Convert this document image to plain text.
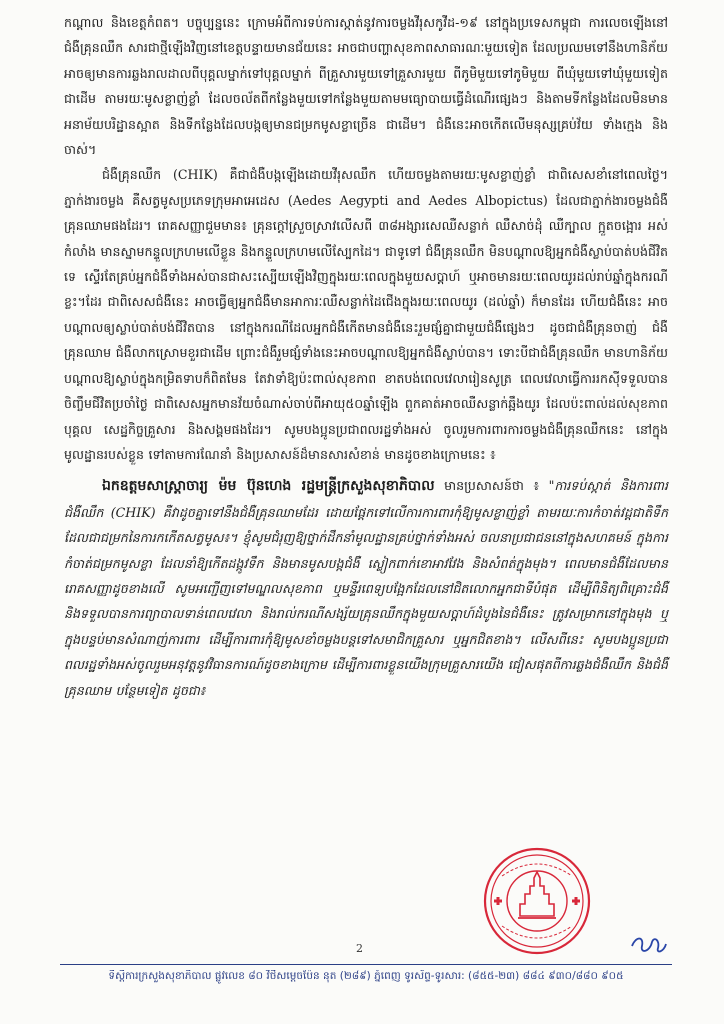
កណ្តាល និងខេត្តកំពត។ បច្ចុប្បន្ននេះ ក្រោមអំពីការទប់ការស្កាត់នូវការចម្លងវីរុសកូវីដ-១៩ នៅក្នុងប្រទេសកម្ពុជា ការលេចឡើងនៅជំងឺគ្រុនឈឹក សារជាថ្មីឡើងវិញនៅខេត្តបន្ទាយមានជ័យនេះ អាចជាបញ្ហាសុខភាពសាធារណៈមួយទៀត ដែលប្រឈមទៅនឹងហានិភ័យអាចឲ្យមានការឆ្លងរាលដាលពីបុគ្គលម្នាក់ទៅបុគ្គលម្នាក់ ពីគ្រួសារមួយទៅគ្រួសារមួយ ពីភូមិមួយទៅភូមិមួយ ពីឃុំមួយទៅឃុំមួយទៀតជាដើម តាមរយៈមូសខ្លាញ់ខ្លាំ ដែលចល័តពីកន្លែងមួយទៅកន្លែងមួយតាមមធ្យោបាយធ្វើដំណើរផ្សេងៗ និងតាមទីកន្លែងដែលមិនមានអនាម័យបរិដ្ឋានស្អាត និងទីកន្លែងដែលបង្កឲ្យមានជម្រកមូសខ្លាច្រើន ជាដើម។ ជំងឺនេះអាចកើតលើមនុស្សគ្រប់វ័យ ទាំងក្មេង និងចាស់។

ជំងឺគ្រុនឈឹក (CHIK) គឺជាជំងឺបង្កឡើងដោយវីរុសឈឹក ហើយចម្លងតាមរយៈមូសខ្លាញ់ខ្លាំ ជាពិសេសខាំនៅពេលថ្ងៃ។ ភ្នាក់ងារចម្លង គឺសត្វមូសប្រភេទក្រុមអាអេដេស (Aedes Aegypti and Aedes Albopictus) ដែលជាភ្នាក់ងារចម្លងជំងឺគ្រុនឈាមផងដែរ។ រោគសញ្ញាជួមមាន៖ គ្រុនក្តៅស្រួចស្រាវលើសពី ៣៨អង្សារសេឈឺសន្លាក់ ឈឺសាច់ដុំ ឈឺក្បាល ក្អួតចង្អោរ អស់កំលាំង មានស្នាមកន្ទួលក្រហមលើខ្លួន និងកន្ទួលក្រហមលើស្បែកដៃ។ ជាទូទៅ ជំងឺគ្រុនឈឹក មិនបណ្តាលឱ្យអ្នកជំងឺស្លាប់បាត់បង់ជីវិតទេ ស្ទើរតែគ្រប់អ្នកជំងឺទាំងអស់បានជាសះស្បើយឡើងវិញក្នុងរយៈពេលក្នុងមួយសប្តាហ៍ ឬអាចមានរយៈពេលយូរដល់រាប់ឆ្នាំក្នុងករណីខ្លះ។ដែរ ជាពិសេសជំងឺនេះ អាចធ្វើឲ្យអ្នកជំងឺមានអាការៈឈឺសន្លាក់ដៃជើងក្នុងរយៈពេលយូរ (ដល់ឆ្នាំ) ក៏មានដែរ ហើយជំងឺនេះ អាចបណ្តាលឲ្យស្លាប់បាត់បង់ជីវិតបាន នៅក្នុងករណីដែលអ្នកជំងឺកើតមានជំងឺនេះរួមផ្សំគ្នាជាមួយជំងឺផ្សេងៗ ដូចជាជំងឺគ្រុនចាញ់ ជំងឺគ្រុនឈាម ជំងឺលាកស្រោមខួរជាដើម ព្រោះជំងឺរួមផ្សំទាំងនេះអាចបណ្តាលឱ្យអ្នកជំងឺស្លាប់បាន។ ទោះបីជាជំងឺគ្រុនឈឹក មានហានិភ័យបណ្តាលឱ្យស្លាប់ក្នុងកម្រិតទាបក៏ពិតមែន តែវាទាំឱ្យប៉ះពាល់សុខភាព ខាតបង់ពេលវេលារៀនសូត្រ ពេលវេលាធ្វើការរកស៊ីទទួលបានចិញ្ចឹមជីវិតប្រចាំថ្ងៃ ជាពិសេសអ្នកមានវ័យចំណាស់ចាប់ពីអាយុ៥០ឆ្នាំឡើង ពួកគាត់អាចឈឺសន្លាក់ឆ្អឹងយូរ ដែលប៉ះពាល់ដល់សុខភាពបុគ្គល សេដ្ឋកិច្ចគ្រួសារ និងសង្គមផងដែរ។ សូមបងប្អូនប្រជាពលរដ្ឋទាំងអស់ ចូលរួមការពារការចម្លងជំងឺគ្រុនឈឹកនេះ នៅក្នុងមូលដ្ឋានរបស់ខ្លួន ទៅតាមការណែនាំ និងប្រសាសន៍ដ៏មានសារសំខាន់ មានដូចខាងក្រោមនេះ ៖

ឯកឧត្តមសាស្ត្រាចារ្យ ម៉ម ប៊ុនហេង រដ្ឋមន្ត្រីក្រសួងសុខាភិបាល មានប្រសាសន៍ថា ៖ "ការទប់ស្កាត់ និងការពារជំងឺឈឹក (CHIK) គឺវាដូចគ្នាទៅនឹងជំងឺគ្រុនឈាមដែរ ដោយផ្តែកទៅលើការការពារកុំឱ្យមូសខ្លាញ់ខ្លាំ តាមរយៈការកំចាត់វដ្តជាតិទឹក ដែលជាជម្រកនៃការកកើតសត្វមូស៖។ ខ្ញុំសូមជំរុញឱ្យថ្នាក់ដឹកនាំមូលដ្ឋានគ្រប់ថ្នាក់ទាំងអស់ ចលនាប្រជាជននៅក្នុងសហគមន៍ ក្នុងការកំចាត់ជម្រកមូសខ្លា ដែលនាំឱ្យកើតដង្កូវទឹក និងមានមូសបង្កជំងឺ ស្លៀកពាក់ខោអាវវែង និងសំពត់ក្នុងមុង។ ពេលមានជំងឺដែលមានរោគសញ្ញាដូចខាងលើ សូមអញ្ជើញទៅមណ្ឌលសុខភាព ឬមន្ទីរពេទ្យបង្អែកដែលនៅជិតលោកអ្នកជាទីបំផុត ដើម្បីពិនិត្យពិគ្រោះជំងឺ និងទទួលបានការព្យាបាលទាន់ពេលវេលា និងរាល់ករណីសង្ស័យគ្រុនឈឹកក្នុងមួយសប្តាហ៍ដំបូងនៃជំងឺនេះ ត្រូវសម្រាកនៅក្នុងមុង ឬក្នុងបន្ទប់មានសំណាញ់ការពារ ដើម្បីការពារកុំឱ្យមូសខាំចម្លងបន្តទៅសមាជិកគ្រួសារ ឬអ្នកជិតខាង។ លើសពីនេះ សូមបងប្អូនប្រជាពលរដ្ឋទាំងអស់ចូលរួមអនុវត្តនូវវិធានការណ៍ដូចខាងក្រោម ដើម្បីការពារខ្លួនយើងក្រុមគ្រួសារយើង ជៀសផុតពីការឆ្លងជំងឺឈឹក និងជំងឺគ្រុនឈាម បន្ថែមទៀត ដូចជា៖

2
ទីស្តីការក្រសួងសុខាភិបាល ផ្លូវលេខ ៨០ វិថីសម្តេចប៉ែន នុត (២៨៩) ភ្នំពេញ ទូរស័ព្ទ-ទូរសារ: (៨៥៥-២៣) ៨៨៤ ៩៣០/៨៨០ ៩០៥
